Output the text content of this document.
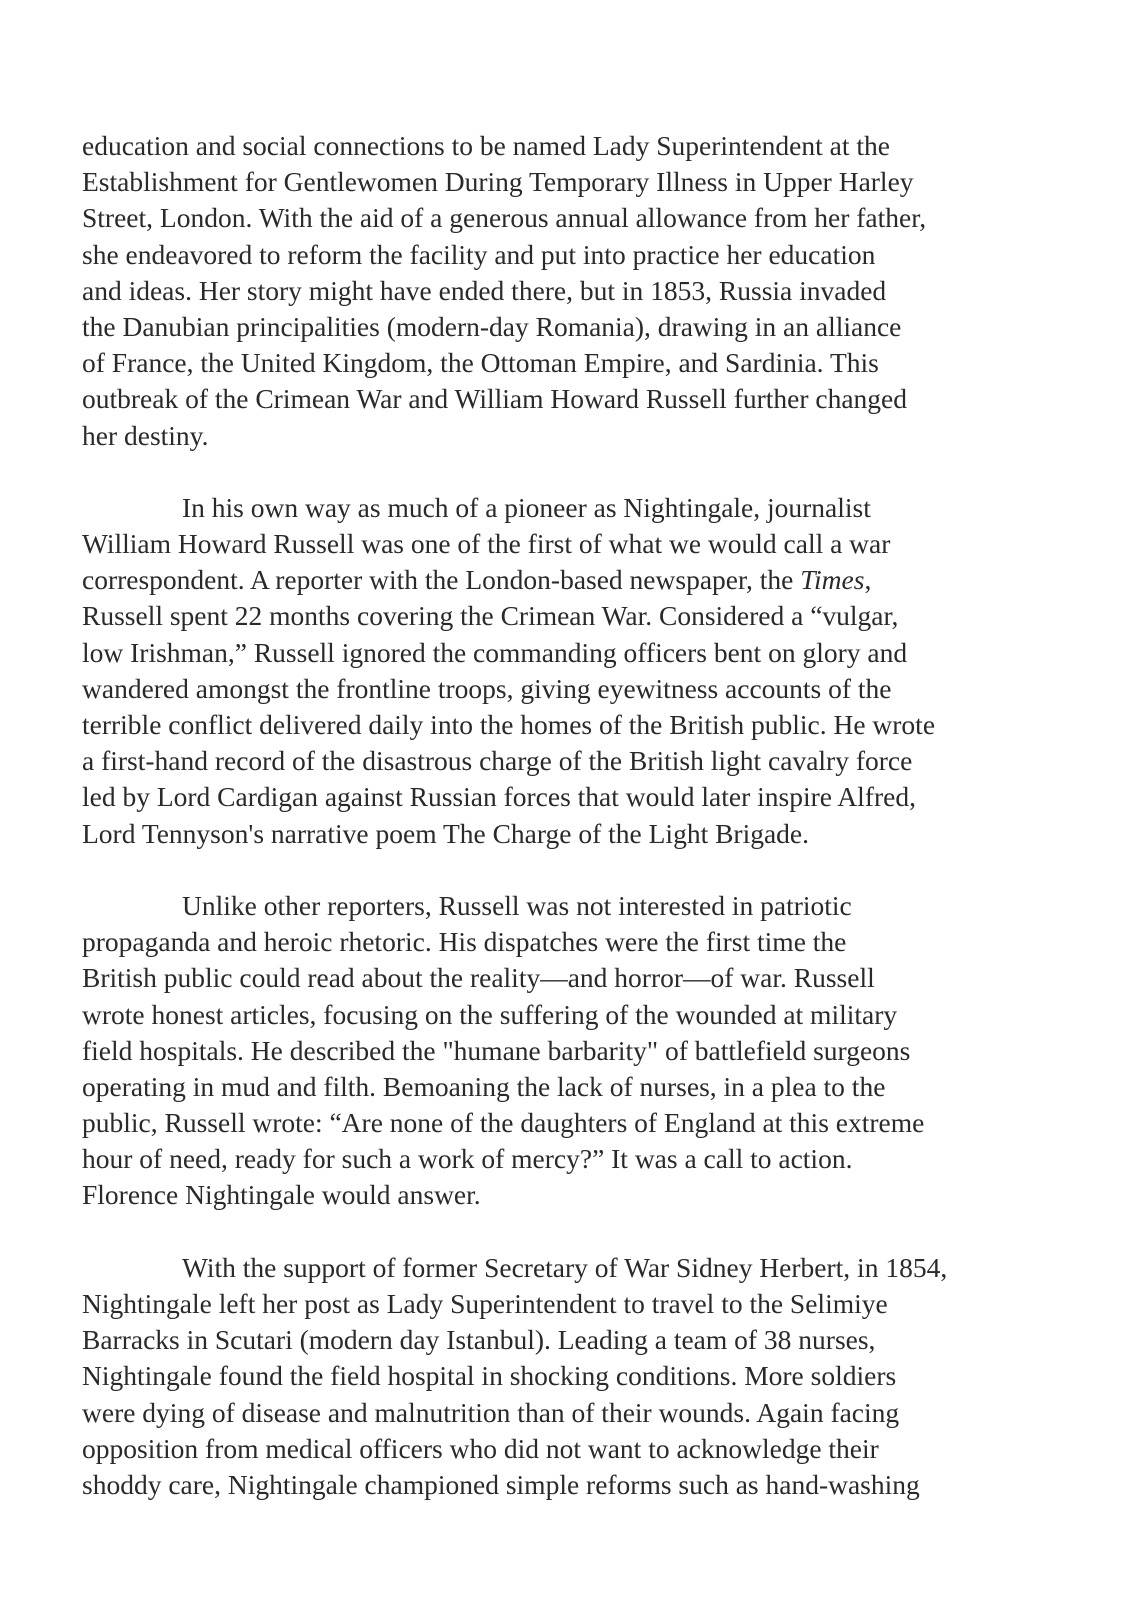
education and social connections to be named Lady Superintendent at the
Establishment for Gentlewomen During Temporary Illness in Upper Harley
Street, London. With the aid of a generous annual allowance from her father,
she endeavored to reform the facility and put into practice her education
and ideas. Her story might have ended there, but in 1853, Russia invaded
the Danubian principalities (modern-day Romania), drawing in an alliance
of France, the United Kingdom, the Ottoman Empire, and Sardinia. This
outbreak of the Crimean War and William Howard Russell further changed
her destiny.

In his own way as much of a pioneer as Nightingale, journalist
William Howard Russell was one of the first of what we would call a war
correspondent. A reporter with the London-based newspaper, the Times,
Russell spent 22 months covering the Crimean War. Considered a “vulgar,
low Irishman,” Russell ignored the commanding officers bent on glory and
wandered amongst the frontline troops, giving eyewitness accounts of the
terrible conflict delivered daily into the homes of the British public. He wrote
a first-hand record of the disastrous charge of the British light cavalry force
led by Lord Cardigan against Russian forces that would later inspire Alfred,
Lord Tennyson's narrative poem The Charge of the Light Brigade.

Unlike other reporters, Russell was not interested in patriotic
propaganda and heroic rhetoric. His dispatches were the first time the
British public could read about the reality—and horror—of war. Russell
wrote honest articles, focusing on the suffering of the wounded at military
field hospitals. He described the "humane barbarity" of battlefield surgeons
operating in mud and filth. Bemoaning the lack of nurses, in a plea to the
public, Russell wrote: “Are none of the daughters of England at this extreme
hour of need, ready for such a work of mercy?” It was a call to action.
Florence Nightingale would answer.

With the support of former Secretary of War Sidney Herbert, in 1854,
Nightingale left her post as Lady Superintendent to travel to the Selimiye
Barracks in Scutari (modern day Istanbul). Leading a team of 38 nurses,
Nightingale found the field hospital in shocking conditions. More soldiers
were dying of disease and malnutrition than of their wounds. Again facing
opposition from medical officers who did not want to acknowledge their
shoddy care, Nightingale championed simple reforms such as hand-washing
